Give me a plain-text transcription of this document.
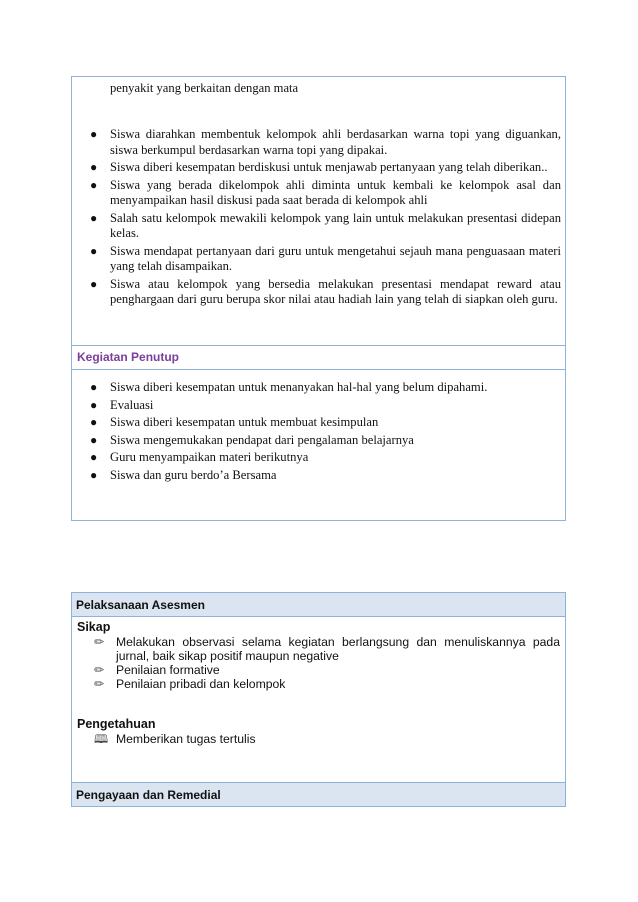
penyakit yang berkaitan dengan mata
● Siswa diarahkan membentuk kelompok ahli berdasarkan warna topi yang diguankan, siswa berkumpul berdasarkan warna topi yang dipakai.
● Siswa diberi kesempatan berdiskusi untuk menjawab pertanyaan yang telah diberikan..
● Siswa yang berada dikelompok ahli diminta untuk kembali ke kelompok asal dan menyampaikan hasil diskusi pada saat berada di kelompok ahli
● Salah satu kelompok mewakili kelompok yang lain untuk melakukan presentasi didepan kelas.
● Siswa mendapat pertanyaan dari guru untuk mengetahui sejauh mana penguasaan materi yang telah disampaikan.
● Siswa atau kelompok yang bersedia melakukan presentasi mendapat reward atau penghargaan dari guru berupa skor nilai atau hadiah lain yang telah di siapkan oleh guru.
Kegiatan Penutup
● Siswa diberi kesempatan untuk menanyakan hal-hal yang belum dipahami.
● Evaluasi
● Siswa diberi kesempatan untuk membuat kesimpulan
● Siswa mengemukakan pendapat dari pengalaman belajarnya
● Guru menyampaikan materi berikutnya
● Siswa dan guru berdo’a Bersama
Pelaksanaan Asesmen
Sikap
✏ Melakukan observasi selama kegiatan berlangsung dan menuliskannya pada jurnal, baik sikap positif maupun negative
✏ Penilaian formative
✏ Penilaian pribadi dan kelompok
Pengetahuan
🕮 Memberikan tugas tertulis
Pengayaan dan Remedial
